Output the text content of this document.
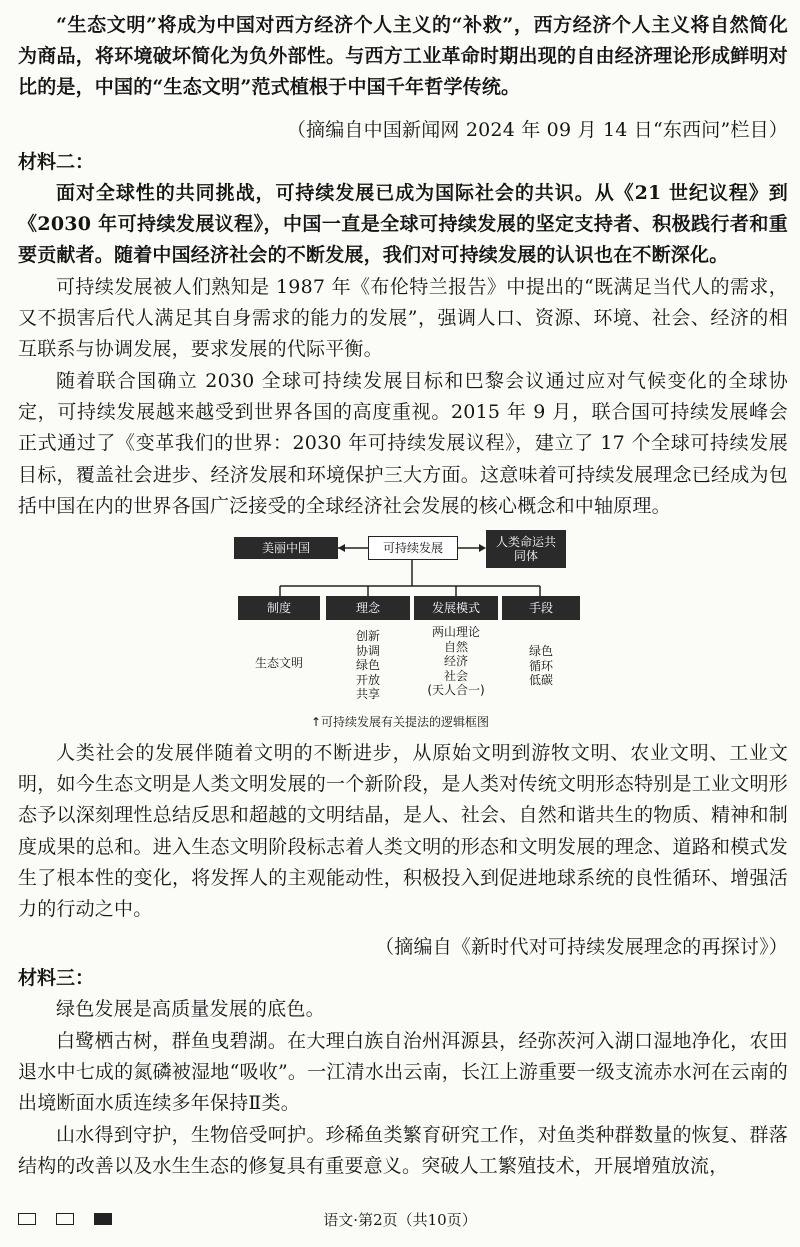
“生态文明”将成为中国对西方经济个人主义的“补救”，西方经济个人主义将自然简化为商品，将环境破坏简化为负外部性。与西方工业革命时期出现的自由经济理论形成鲜明对比的是，中国的“生态文明”范式植根于中国千年哲学传统。

（摘编自中国新闻网 2024 年 09 月 14 日“东西问”栏目）

材料二：

面对全球性的共同挑战，可持续发展已成为国际社会的共识。从《21 世纪议程》到《2030 年可持续发展议程》，中国一直是全球可持续发展的坚定支持者、积极践行者和重要贡献者。随着中国经济社会的不断发展，我们对可持续发展的认识也在不断深化。

可持续发展被人们熟知是 1987 年《布伦特兰报告》中提出的“既满足当代人的需求，又不损害后代人满足其自身需求的能力的发展”，强调人口、资源、环境、社会、经济的相互联系与协调发展，要求发展的代际平衡。

随着联合国确立 2030 全球可持续发展目标和巴黎会议通过应对气候变化的全球协定，可持续发展越来越受到世界各国的高度重视。2015 年 9 月，联合国可持续发展峰会正式通过了《变革我们的世界：2030 年可持续发展议程》，建立了 17 个全球可持续发展目标，覆盖社会进步、经济发展和环境保护三大方面。这意味着可持续发展理念已经成为包括中国在内的世界各国广泛接受的全球经济社会发展的核心概念和中轴原理。

美丽中国	可持续发展	人类命运共同体
制度	理念	发展模式	手段
生态文明
创新
协调
绿色
开放
共享
两山理论
自然
经济
社会
(天人合一)
绿色
循环
低碳
↑可持续发展有关提法的逻辑框图

人类社会的发展伴随着文明的不断进步，从原始文明到游牧文明、农业文明、工业文明，如今生态文明是人类文明发展的一个新阶段，是人类对传统文明形态特别是工业文明形态予以深刻理性总结反思和超越的文明结晶，是人、社会、自然和谐共生的物质、精神和制度成果的总和。进入生态文明阶段标志着人类文明的形态和文明发展的理念、道路和模式发生了根本性的变化，将发挥人的主观能动性，积极投入到促进地球系统的良性循环、增强活力的行动之中。

（摘编自《新时代对可持续发展理念的再探讨》）

材料三：

绿色发展是高质量发展的底色。

白鹭栖古树，群鱼曳碧湖。在大理白族自治州洱源县，经弥茨河入湖口湿地净化，农田退水中七成的氮磷被湿地“吸收”。一江清水出云南，长江上游重要一级支流赤水河在云南的出境断面水质连续多年保持Ⅱ类。

山水得到守护，生物倍受呵护。珍稀鱼类繁育研究工作，对鱼类种群数量的恢复、群落结构的改善以及水生生态的修复具有重要意义。突破人工繁殖技术，开展增殖放流，

语文·第2页（共10页）
